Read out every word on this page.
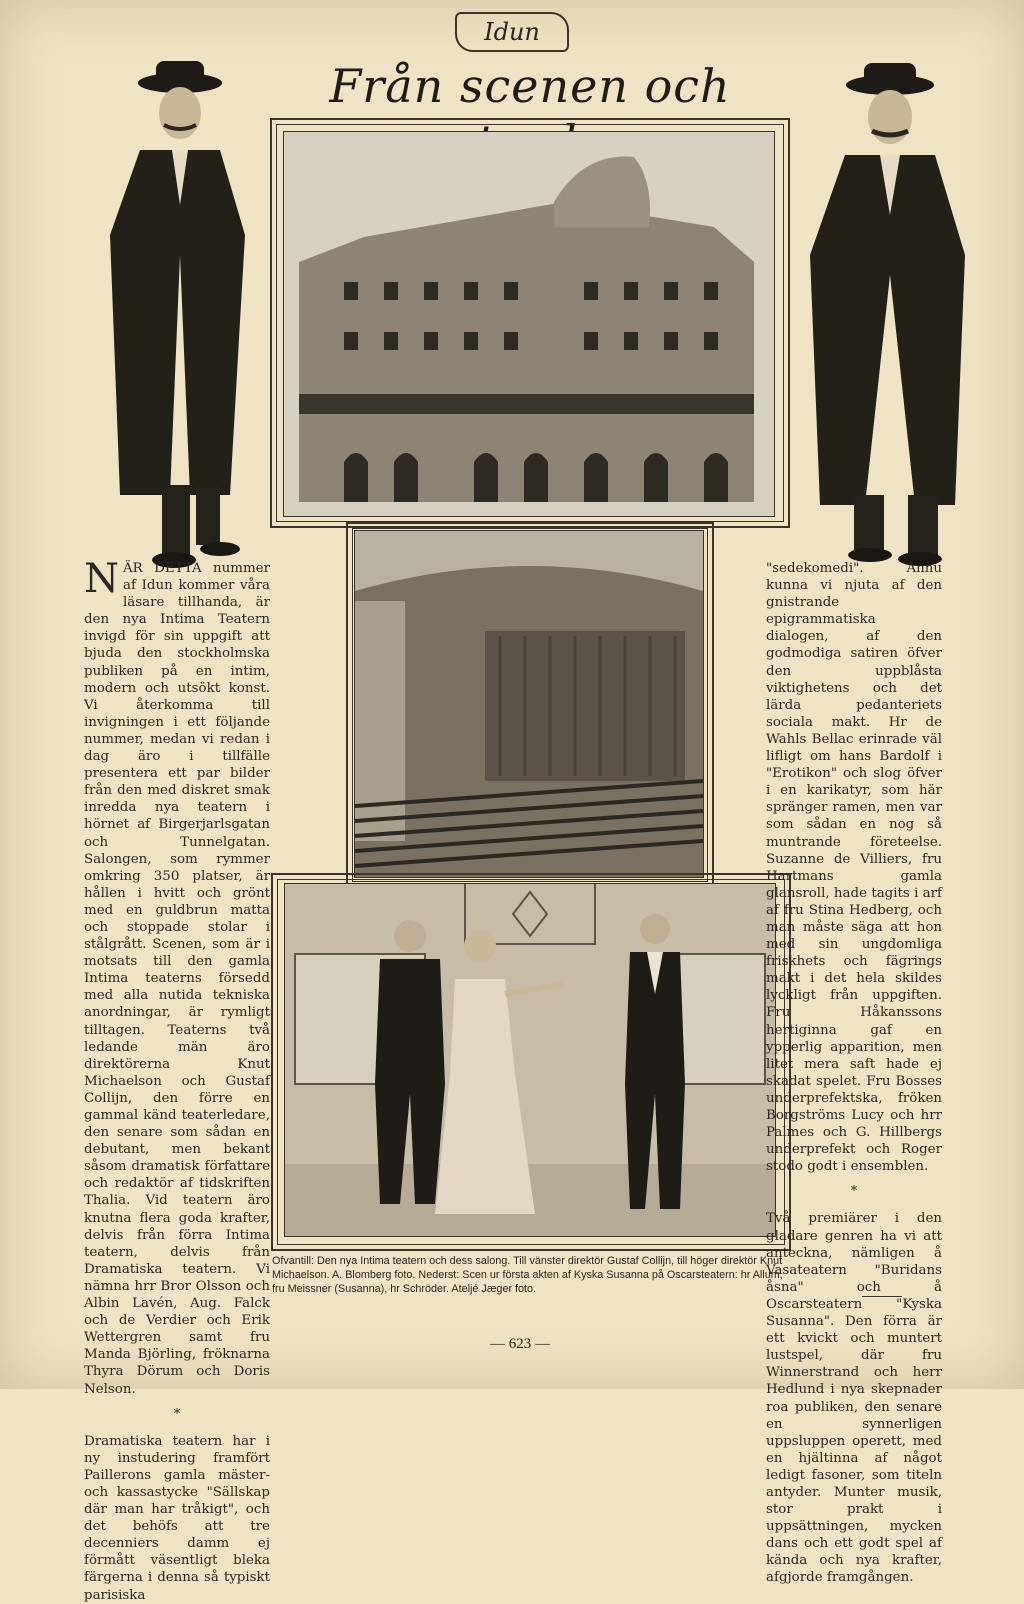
Idun
Från scenen och

NÄR DETTA nummer af Idun kommer våra läsare tillhanda, är den nya Intima Teatern invigd för sin uppgift att bjuda den stockholmska publiken på en intim, modern och utsökt konst. Vi återkomma till invigningen i ett följande nummer, medan vi redan i dag äro i tillfälle presentera ett par bilder från den med diskret smak inredda nya teatern i hörnet af Birgerjarlsgatan och Tunnelgatan. Salongen, som rymmer omkring 350 platser, är hållen i hvitt och grönt med en guldbrun matta och stoppade stolar i stålgrått. Scenen, som är i motsats till den gamla Intima teaterns försedd med alla nutida tekniska anordningar, är rymligt tilltagen. Teaterns två ledande män äro direktörerna Knut Michaelson och Gustaf Collijn, den förre en gammal känd teaterledare, den senare som sådan en debutant, men bekant såsom dramatisk författare och redaktör af tidskriften Thalia. Vid teatern äro knutna flera goda krafter, delvis från förra Intima teatern, delvis från Dramatiska teatern. Vi nämna hrr Bror Olsson och Albin Lavén, Aug. Falck och de Verdier och Erik Wettergren samt fru Manda Björling, fröknarna Thyra Dörum och Doris Nelson.

*

Dramatiska teatern har i ny instudering framfört Paillerons gamla mäster- och kassastycke "Sällskap där man har tråkigt", och det behöfs att tre decenniers damm ej förmått väsentligt bleka färgerna i denna så typiskt parisiska

"sedekomedi". Ännu kunna vi njuta af den gnistrande epigrammatiska dialogen, af den godmodiga satiren öfver den uppblåsta viktighetens och det lärda pedanteriets sociala makt. Hr de Wahls Bellac erinrade väl lifligt om hans Bardolf i "Erotikon" och slog öfver i en karikatyr, som här spränger ramen, men var som sådan en nog så muntrande företeelse. Suzanne de Villiers, fru Hartmans gamla glansroll, hade tagits i arf af fru Stina Hedberg, och man måste säga att hon med sin ungdomliga friskhets och fägrings makt i det hela skildes lyckligt från uppgiften. Fru Håkanssons hertiginna gaf en ypperlig apparition, men litet mera saft hade ej skadat spelet. Fru Bosses underprefektska, fröken Borgströms Lucy och hrr Palmes och G. Hillbergs underprefekt och Roger stodo godt i ensemblen.

*

Två premiärer i den gladare genren ha vi att anteckna, nämligen å Vasateatern "Buridans åsna" och å Oscarsteatern "Kyska Susanna". Den förra är ett kvickt och muntert lustspel, där fru Winnerstrand och herr Hedlund i nya skepnader roa publiken, den senare en synnerligen uppsluppen operett, med en hjältinna af något ledigt fasoner, som titeln antyder. Munter musik, stor prakt i uppsättningen, mycken dans och ett godt spel af kända och nya krafter, afgjorde framgången.

Ofvantill: Den nya Intima teatern och dess salong. Till vänster direktör Gustaf Collijn, till höger direktör Knut Michaelson. A. Blomberg foto. Nederst: Scen ur första akten af Kyska Susanna på Oscarsteatern: hr Allum, fru Meissner (Susanna), hr Schröder. Ateljé Jæger foto.
— 623 —
